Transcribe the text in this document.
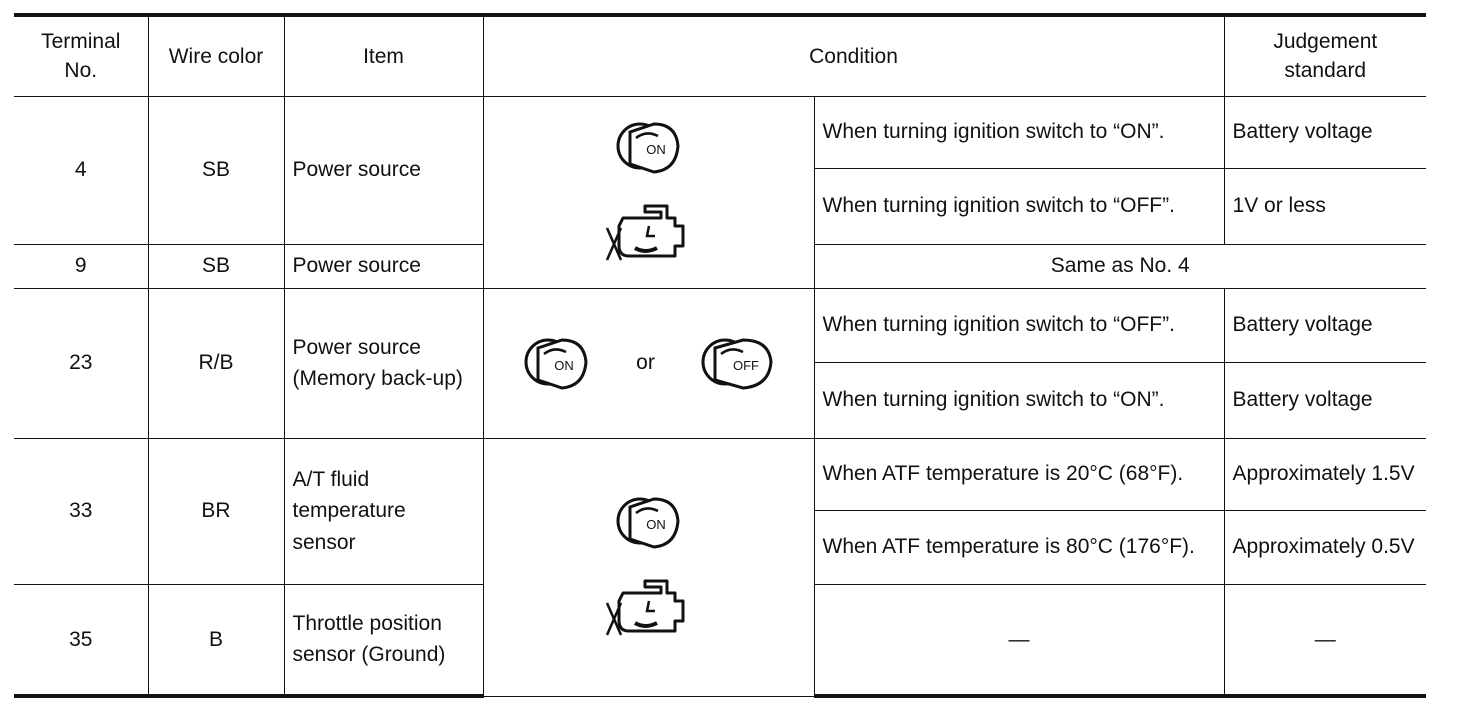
Terminal No.	Wire color	Item	Condition		Judgement standard
4	SB	Power source	ON	When turning ignition switch to “ON”.	Battery voltage
				When turning ignition switch to “OFF”.	1V or less
9	SB	Power source		Same as No. 4	
23	R/B	Power source (Memory back-up)	ON or OFF	When turning ignition switch to “OFF”.	Battery voltage
				When turning ignition switch to “ON”.	Battery voltage
33	BR	A/T fluid temperature sensor	ON	When ATF temperature is 20°C (68°F).	Approximately 1.5V
				When ATF temperature is 80°C (176°F).	Approximately 0.5V
35	B	Throttle position sensor (Ground)		—	—
